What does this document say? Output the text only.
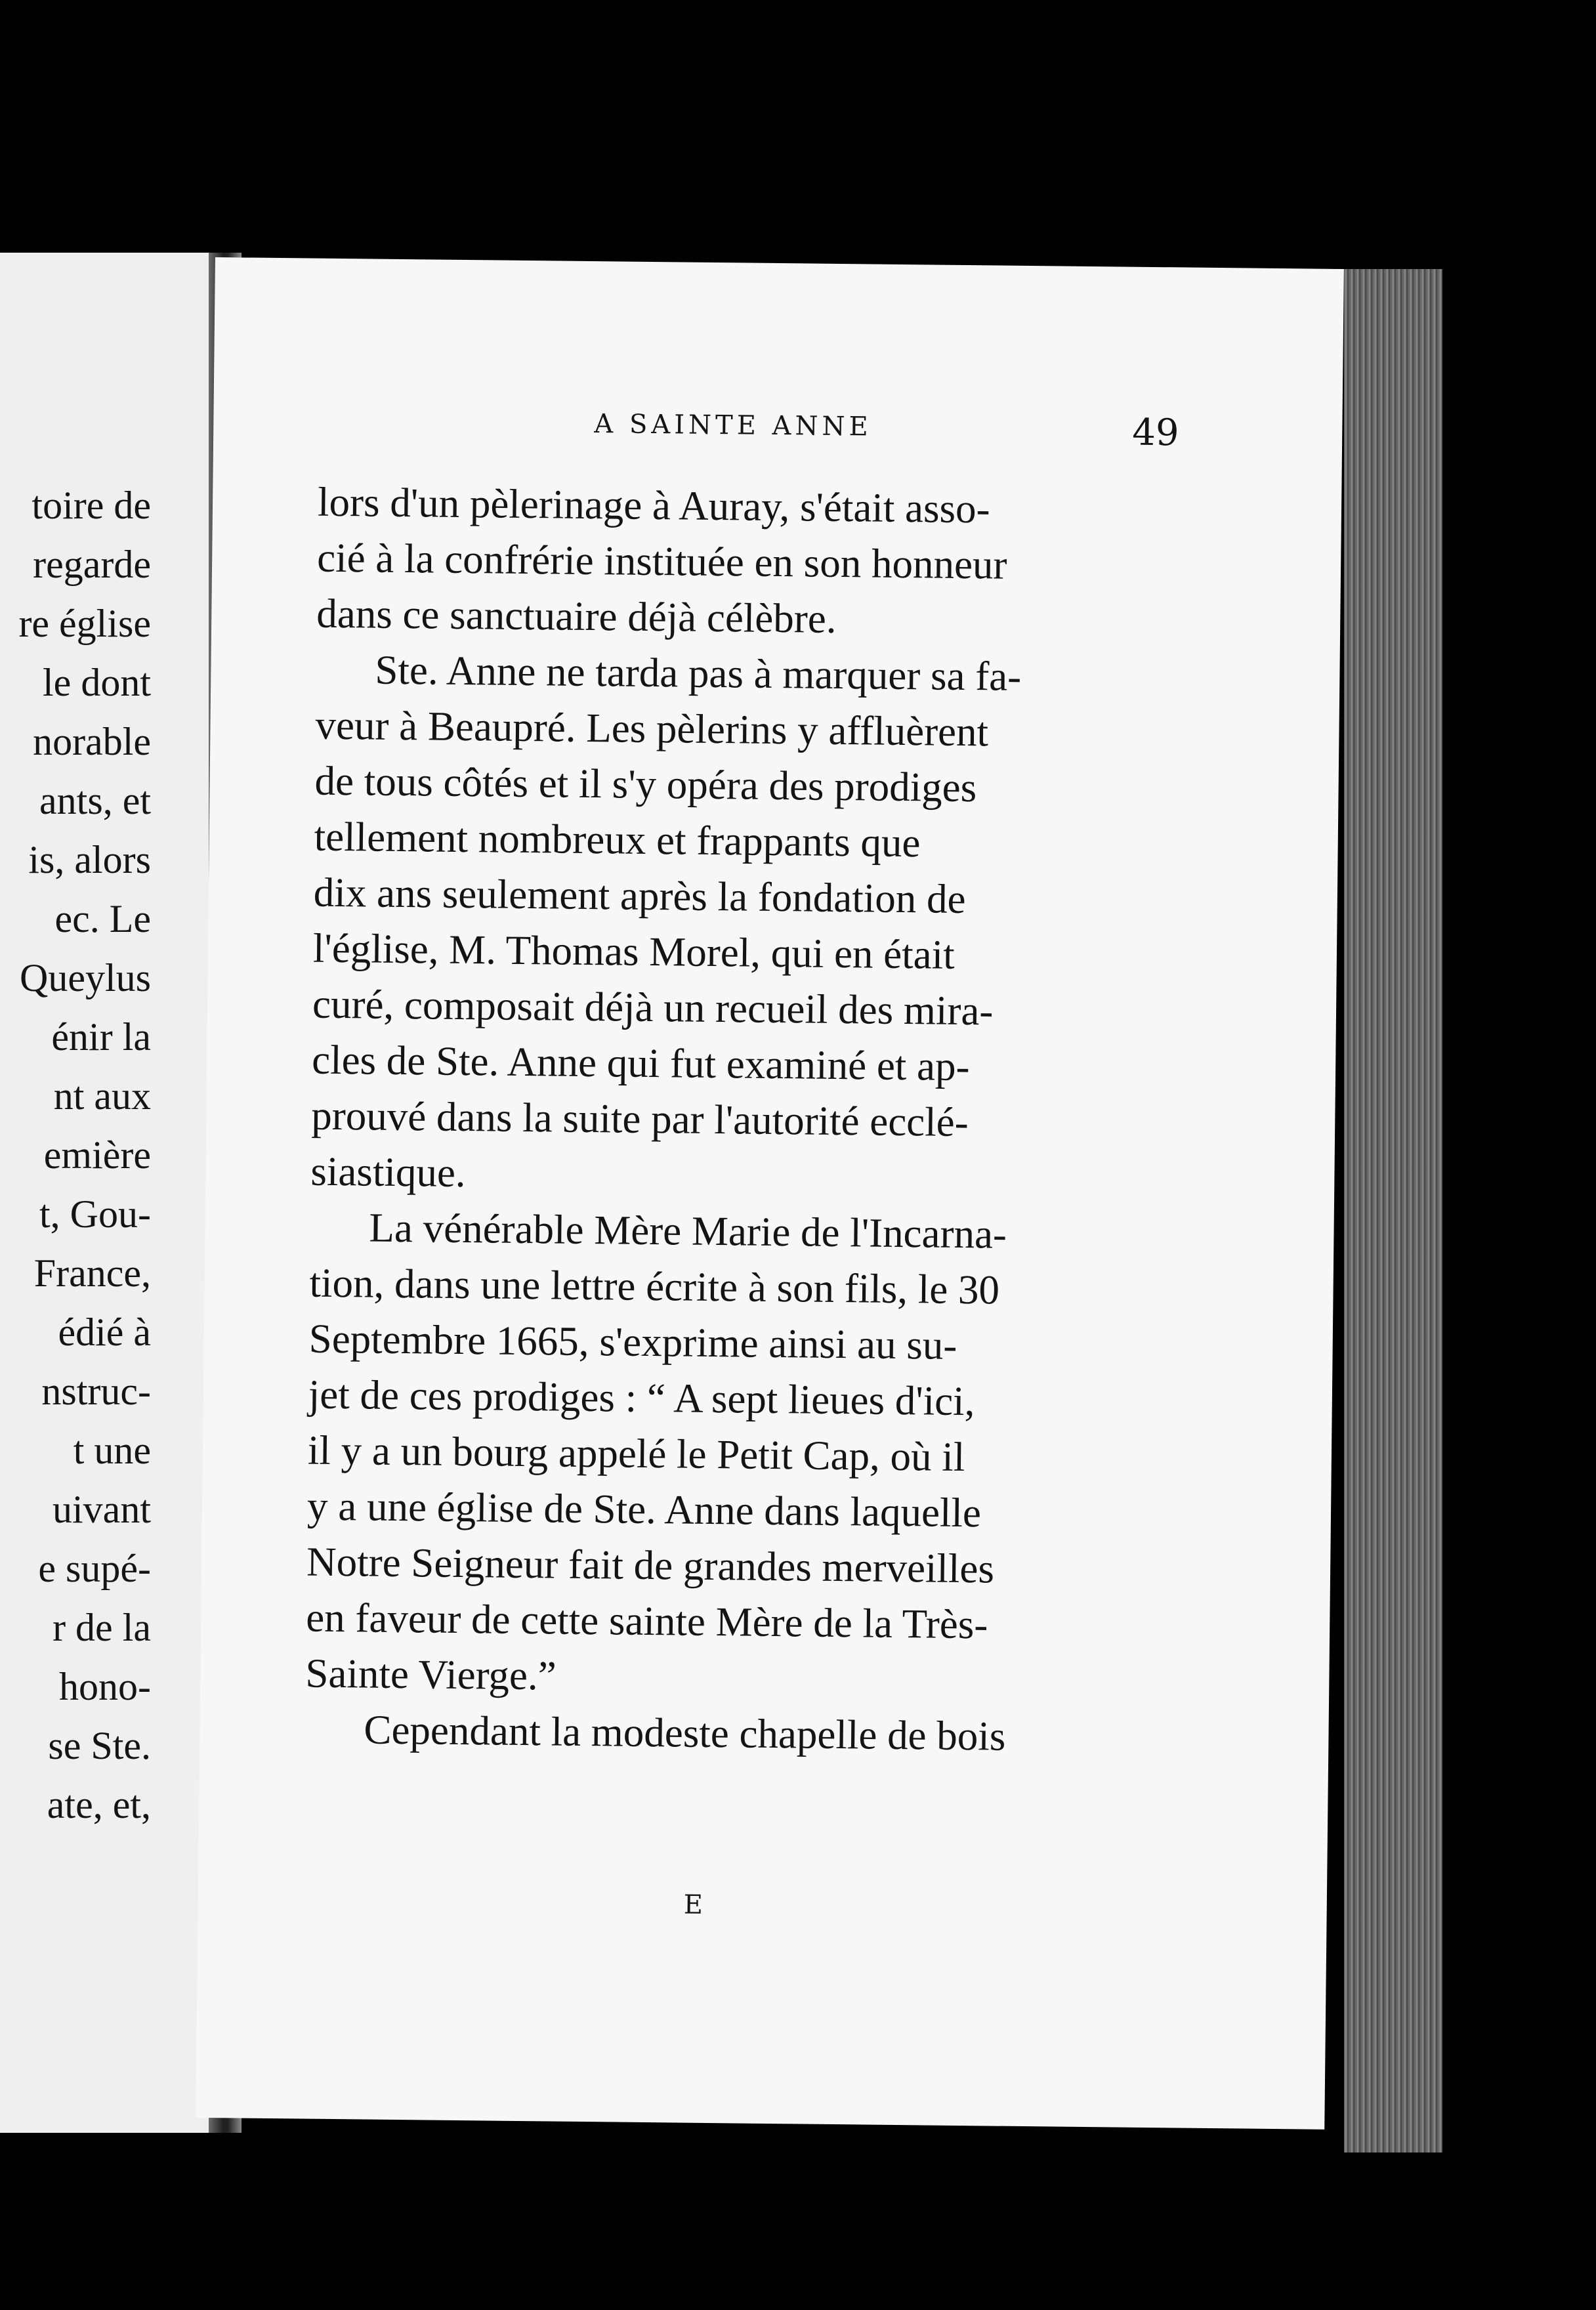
toire de
regarde
re église
le dont
norable
ants, et
is, alors
ec. Le
Queylus
énir la
nt aux
emière
t, Gou-
France,
édié à
nstruc-
t une
uivant
e supé-
r de la
hono-
se Ste.
ate, et,
A SAINTE ANNE	49
lors d'un pèlerinage à Auray, s'était asso-
cié à la confrérie instituée en son honneur
dans ce sanctuaire déjà célèbre.
Ste. Anne ne tarda pas à marquer sa fa-
veur à Beaupré. Les pèlerins y affluèrent
de tous côtés et il s'y opéra des prodiges
tellement nombreux et frappants que
dix ans seulement après la fondation de
l'église, M. Thomas Morel, qui en était
curé, composait déjà un recueil des mira-
cles de Ste. Anne qui fut examiné et ap-
prouvé dans la suite par l'autorité ecclé-
siastique.
La vénérable Mère Marie de l'Incarna-
tion, dans une lettre écrite à son fils, le 30
Septembre 1665, s'exprime ainsi au su-
jet de ces prodiges : “ A sept lieues d'ici,
il y a un bourg appelé le Petit Cap, où il
y a une église de Ste. Anne dans laquelle
Notre Seigneur fait de grandes merveilles
en faveur de cette sainte Mère de la Très-
Sainte Vierge.”
Cependant la modeste chapelle de bois
E
